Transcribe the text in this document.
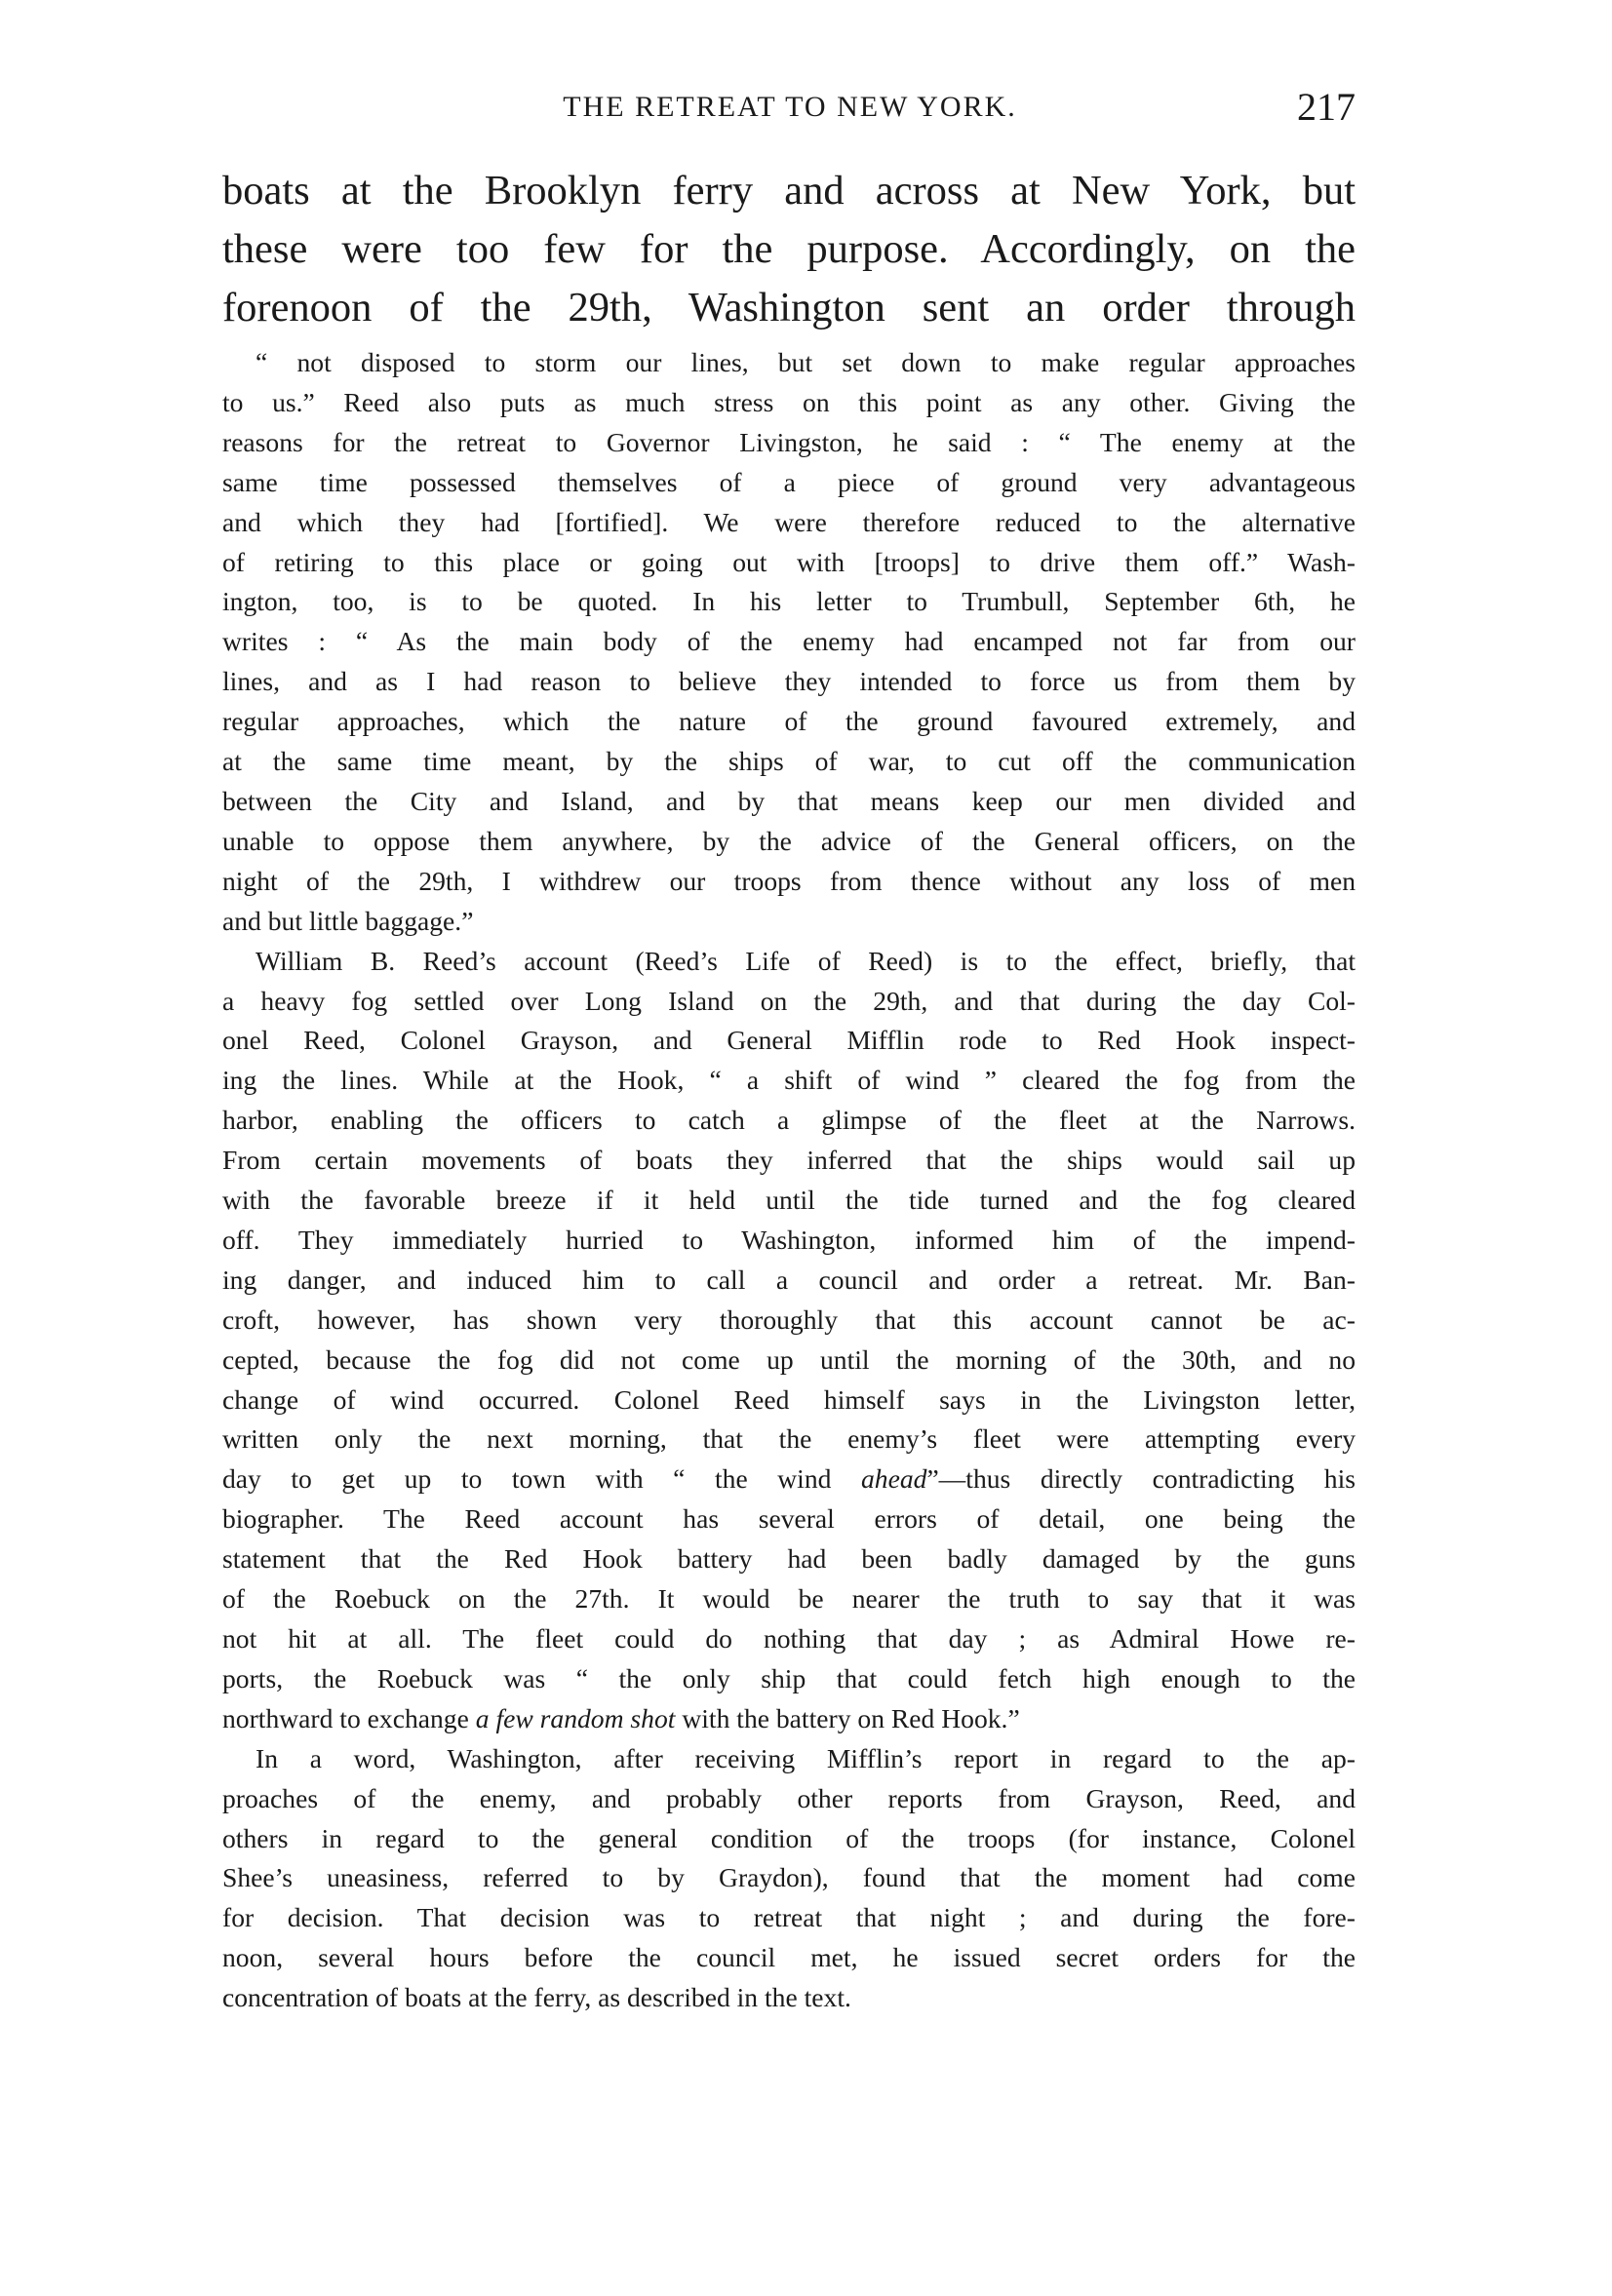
THE RETREAT TO NEW YORK.	217

boats at the Brooklyn ferry and across at New York, but
these were too few for the purpose. Accordingly, on the
forenoon of the 29th, Washington sent an order through

“ not disposed to storm our lines, but set down to make regular approaches
to us.” Reed also puts as much stress on this point as any other. Giving the
reasons for the retreat to Governor Livingston, he said : “ The enemy at the
same time possessed themselves of a piece of ground very advantageous
and which they had [fortified]. We were therefore reduced to the alternative
of retiring to this place or going out with [troops] to drive them off.” Wash-
ington, too, is to be quoted. In his letter to Trumbull, September 6th, he
writes : “ As the main body of the enemy had encamped not far from our
lines, and as I had reason to believe they intended to force us from them by
regular approaches, which the nature of the ground favoured extremely, and
at the same time meant, by the ships of war, to cut off the communication
between the City and Island, and by that means keep our men divided and
unable to oppose them anywhere, by the advice of the General officers, on the
night of the 29th, I withdrew our troops from thence without any loss of men
and but little baggage.”

William B. Reed’s account (Reed’s Life of Reed) is to the effect, briefly, that
a heavy fog settled over Long Island on the 29th, and that during the day Col-
onel Reed, Colonel Grayson, and General Mifflin rode to Red Hook inspect-
ing the lines. While at the Hook, “ a shift of wind ” cleared the fog from the
harbor, enabling the officers to catch a glimpse of the fleet at the Narrows.
From certain movements of boats they inferred that the ships would sail up
with the favorable breeze if it held until the tide turned and the fog cleared
off. They immediately hurried to Washington, informed him of the impend-
ing danger, and induced him to call a council and order a retreat. Mr. Ban-
croft, however, has shown very thoroughly that this account cannot be ac-
cepted, because the fog did not come up until the morning of the 30th, and no
change of wind occurred. Colonel Reed himself says in the Livingston letter,
written only the next morning, that the enemy’s fleet were attempting every
day to get up to town with “ the wind ahead”—thus directly contradicting his
biographer. The Reed account has several errors of detail, one being the
statement that the Red Hook battery had been badly damaged by the guns
of the Roebuck on the 27th. It would be nearer the truth to say that it was
not hit at all. The fleet could do nothing that day ; as Admiral Howe re-
ports, the Roebuck was “ the only ship that could fetch high enough to the
northward to exchange a few random shot with the battery on Red Hook.”

In a word, Washington, after receiving Mifflin’s report in regard to the ap-
proaches of the enemy, and probably other reports from Grayson, Reed, and
others in regard to the general condition of the troops (for instance, Colonel
Shee’s uneasiness, referred to by Graydon), found that the moment had come
for decision. That decision was to retreat that night ; and during the fore-
noon, several hours before the council met, he issued secret orders for the
concentration of boats at the ferry, as described in the text.
